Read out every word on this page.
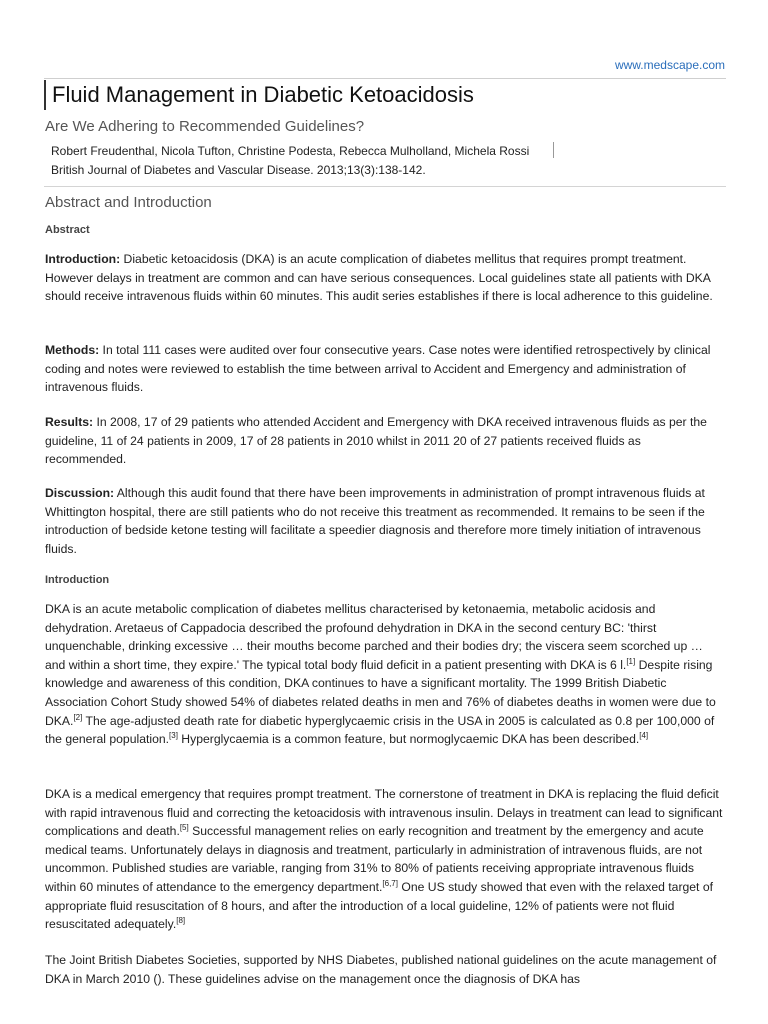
www.medscape.com
Fluid Management in Diabetic Ketoacidosis
Are We Adhering to Recommended Guidelines?
Robert Freudenthal, Nicola Tufton, Christine Podesta, Rebecca Mulholland, Michela Rossi
British Journal of Diabetes and Vascular Disease. 2013;13(3):138-142.
Abstract and Introduction
Abstract

Introduction: Diabetic ketoacidosis (DKA) is an acute complication of diabetes mellitus that requires prompt treatment. However delays in treatment are common and can have serious consequences. Local guidelines state all patients with DKA should receive intravenous fluids within 60 minutes. This audit series establishes if there is local adherence to this guideline.

Methods: In total 111 cases were audited over four consecutive years. Case notes were identified retrospectively by clinical coding and notes were reviewed to establish the time between arrival to Accident and Emergency and administration of intravenous fluids.

Results: In 2008, 17 of 29 patients who attended Accident and Emergency with DKA received intravenous fluids as per the guideline, 11 of 24 patients in 2009, 17 of 28 patients in 2010 whilst in 2011 20 of 27 patients received fluids as recommended.

Discussion: Although this audit found that there have been improvements in administration of prompt intravenous fluids at Whittington hospital, there are still patients who do not receive this treatment as recommended. It remains to be seen if the introduction of bedside ketone testing will facilitate a speedier diagnosis and therefore more timely initiation of intravenous fluids.

Introduction

DKA is an acute metabolic complication of diabetes mellitus characterised by ketonaemia, metabolic acidosis and dehydration. Aretaeus of Cappadocia described the profound dehydration in DKA in the second century BC: 'thirst unquenchable, drinking excessive … their mouths become parched and their bodies dry; the viscera seem scorched up … and within a short time, they expire.' The typical total body fluid deficit in a patient presenting with DKA is 6 l.[1] Despite rising knowledge and awareness of this condition, DKA continues to have a significant mortality. The 1999 British Diabetic Association Cohort Study showed 54% of diabetes related deaths in men and 76% of diabetes deaths in women were due to DKA.[2] The age-adjusted death rate for diabetic hyperglycaemic crisis in the USA in 2005 is calculated as 0.8 per 100,000 of the general population.[3] Hyperglycaemia is a common feature, but normoglycaemic DKA has been described.[4]

DKA is a medical emergency that requires prompt treatment. The cornerstone of treatment in DKA is replacing the fluid deficit with rapid intravenous fluid and correcting the ketoacidosis with intravenous insulin. Delays in treatment can lead to significant complications and death.[5] Successful management relies on early recognition and treatment by the emergency and acute medical teams. Unfortunately delays in diagnosis and treatment, particularly in administration of intravenous fluids, are not uncommon. Published studies are variable, ranging from 31% to 80% of patients receiving appropriate intravenous fluids within 60 minutes of attendance to the emergency department.[6,7] One US study showed that even with the relaxed target of appropriate fluid resuscitation of 8 hours, and after the introduction of a local guideline, 12% of patients were not fluid resuscitated adequately.[8]

The Joint British Diabetes Societies, supported by NHS Diabetes, published national guidelines on the acute management of DKA in March 2010 (). These guidelines advise on the management once the diagnosis of DKA has
